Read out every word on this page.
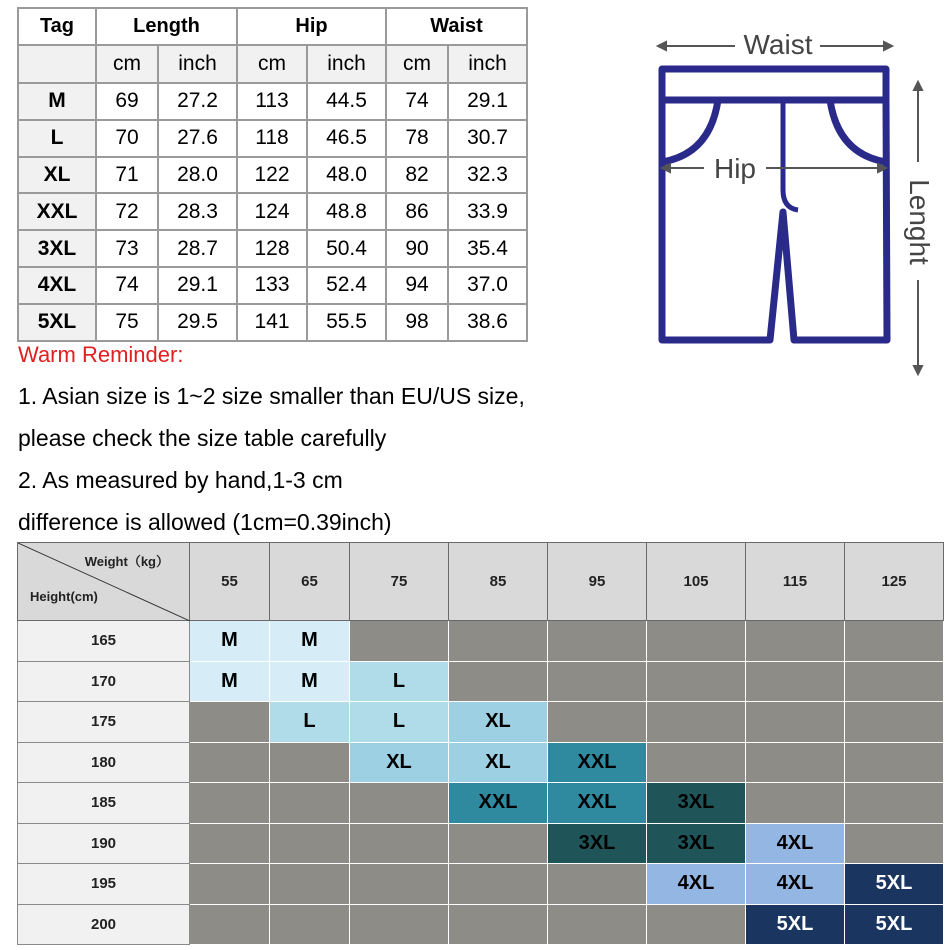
Tag	Length		Hip		Waist	
	cm	inch	cm	inch	cm	inch
M	69	27.2	113	44.5	74	29.1
L	70	27.6	118	46.5	78	30.7
XL	71	28.0	122	48.0	82	32.3
XXL	72	28.3	124	48.8	86	33.9
3XL	73	28.7	128	50.4	90	35.4
4XL	74	29.1	133	52.4	94	37.0
5XL	75	29.5	141	55.5	98	38.6
Warm Reminder:
1. Asian size is 1~2 size smaller than EU/US size,
please check the size table carefully
2. As measured by hand,1-3 cm
difference is allowed (1cm=0.39inch)
Waist
Hip
Lenght
Weight（kg）
Height(cm)	55	65	75	85	95	105	115	125
165	M	M						
170	M	M	L					
175		L	L	XL				
180			XL	XL	XXL			
185				XXL	XXL	3XL		
190					3XL	3XL	4XL	
195						4XL	4XL	5XL
200							5XL	5XL
